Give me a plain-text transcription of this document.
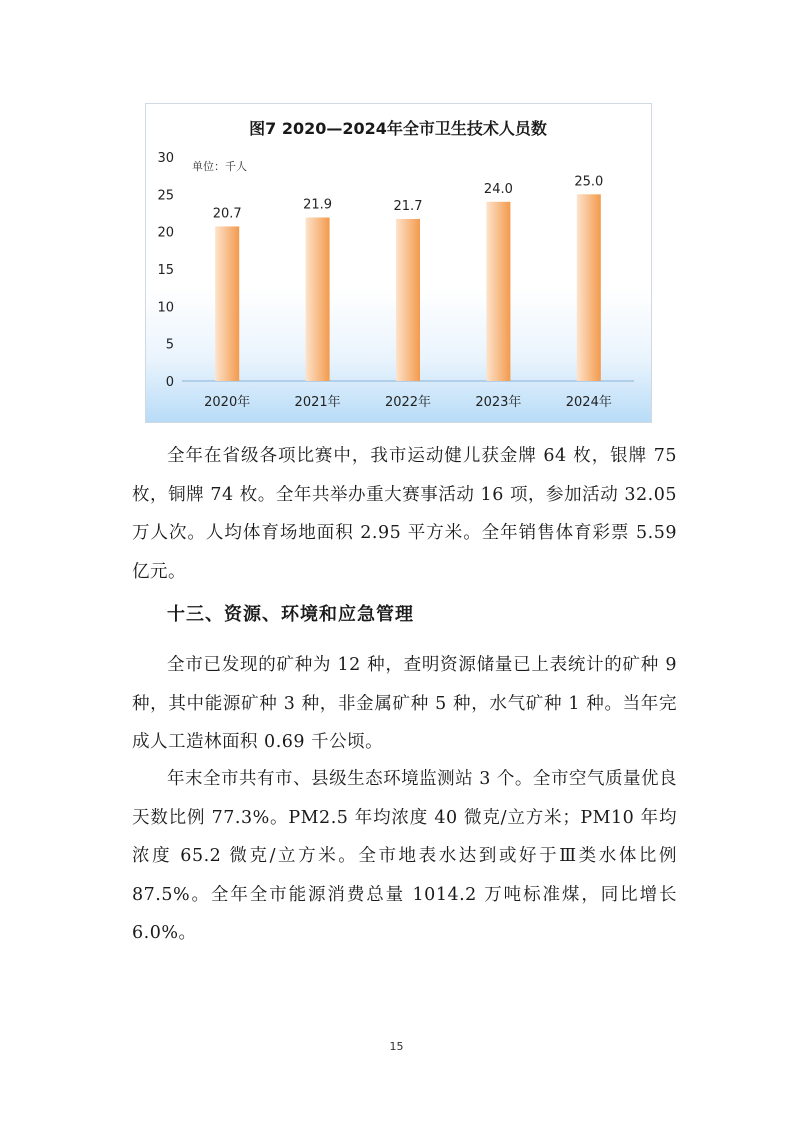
图7 2020—2024年全市卫生技术人员数
单位：千人
0
5
10
15
20
25
30
20.7
21.9	21.7
24.0	25.0
2020年	2021年	2022年	2023年	2024年

全年在省级各项比赛中，我市运动健儿获金牌 64 枚，银牌 75 枚，铜牌 74 枚。全年共举办重大赛事活动 16 项，参加活动 32.05 万人次。人均体育场地面积 2.95 平方米。全年销售体育彩票 5.59 亿元。

十三、资源、环境和应急管理

全市已发现的矿种为 12 种，查明资源储量已上表统计的矿种 9 种，其中能源矿种 3 种，非金属矿种 5 种，水气矿种 1 种。当年完成人工造林面积 0.69 千公顷。

年末全市共有市、县级生态环境监测站 3 个。全市空气质量优良天数比例 77.3%。PM2.5 年均浓度 40 微克/立方米；PM10 年均浓度 65.2 微克/立方米。全市地表水达到或好于Ⅲ类水体比例 87.5%。全年全市能源消费总量 1014.2 万吨标准煤，同比增长 6.0%。

15
